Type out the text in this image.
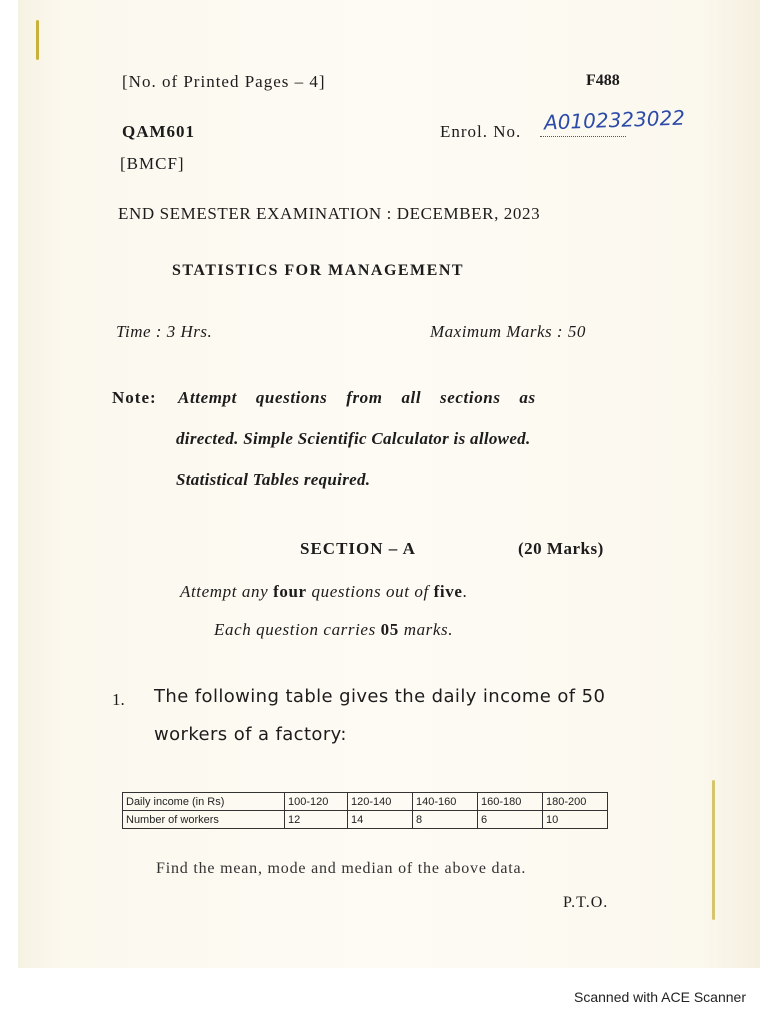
[No. of Printed Pages – 4]	F488
QAM601	Enrol. No. A0102323022
[BMCF]
END SEMESTER EXAMINATION : DECEMBER, 2023
STATISTICS FOR MANAGEMENT
Time : 3 Hrs.	Maximum Marks : 50
Note: Attempt questions from all sections as
directed. Simple Scientific Calculator is allowed.
Statistical Tables required.
SECTION – A	(20 Marks)
Attempt any four questions out of five.
Each question carries 05 marks.
1. The following table gives the daily income of 50
workers of a factory:
Daily income (in Rs)	100-120	120-140	140-160	160-180	180-200
Number of workers	12	14	8	6	10
Find the mean, mode and median of the above data.
P.T.O.
Scanned with ACE Scanner
